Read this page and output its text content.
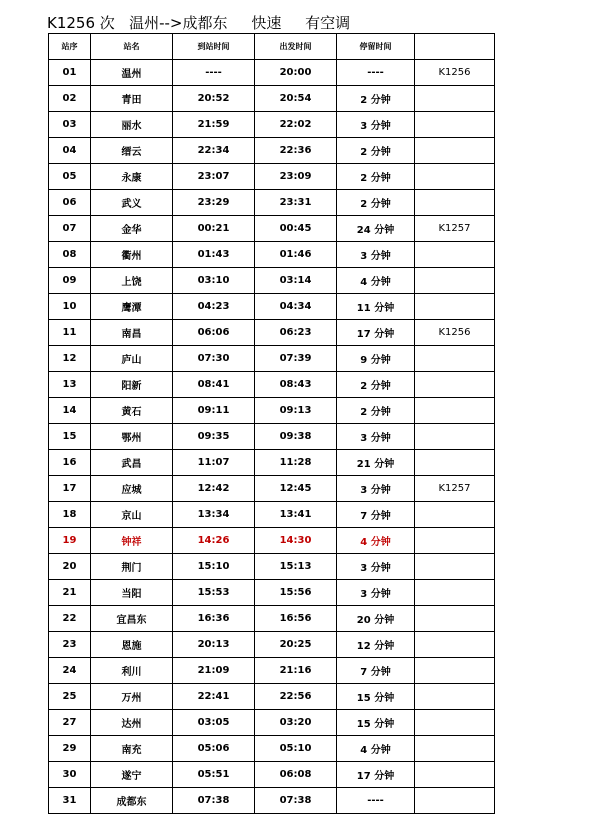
K1256 次   温州-->成都东     快速     有空调
站序	站名	到站时间	出发时间	停留时间	
01	温州	----	20:00	----	K1256
02	青田	20:52	20:54	2 分钟	
03	丽水	21:59	22:02	3 分钟	
04	缙云	22:34	22:36	2 分钟	
05	永康	23:07	23:09	2 分钟	
06	武义	23:29	23:31	2 分钟	
07	金华	00:21	00:45	24 分钟	K1257
08	衢州	01:43	01:46	3 分钟	
09	上饶	03:10	03:14	4 分钟	
10	鹰潭	04:23	04:34	11 分钟	
11	南昌	06:06	06:23	17 分钟	K1256
12	庐山	07:30	07:39	9 分钟	
13	阳新	08:41	08:43	2 分钟	
14	黄石	09:11	09:13	2 分钟	
15	鄂州	09:35	09:38	3 分钟	
16	武昌	11:07	11:28	21 分钟	
17	应城	12:42	12:45	3 分钟	K1257
18	京山	13:34	13:41	7 分钟	
19	钟祥	14:26	14:30	4 分钟	
20	荆门	15:10	15:13	3 分钟	
21	当阳	15:53	15:56	3 分钟	
22	宜昌东	16:36	16:56	20 分钟	
23	恩施	20:13	20:25	12 分钟	
24	利川	21:09	21:16	7 分钟	
25	万州	22:41	22:56	15 分钟	
27	达州	03:05	03:20	15 分钟	
29	南充	05:06	05:10	4 分钟	
30	遂宁	05:51	06:08	17 分钟	
31	成都东	07:38	07:38	----	
